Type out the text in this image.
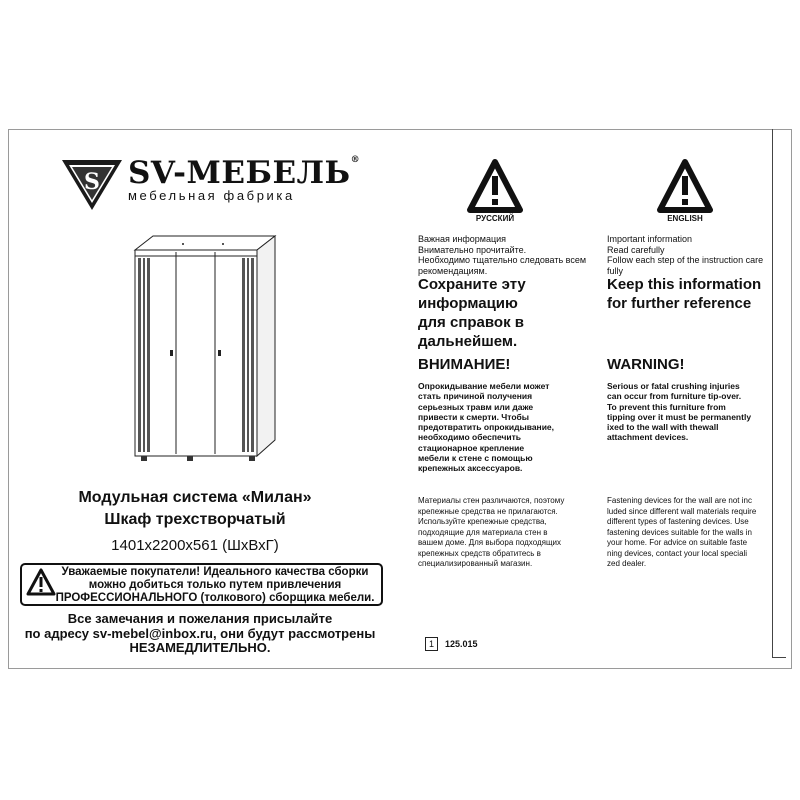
S SV-МЕБЕЛЬ®
мебельная фабрика
Модульная система «Милан»
Шкаф трехстворчатый
1401х2200х561 (ШхВхГ)
Уважаемые покупатели! Идеального качества сборки
можно добиться только путем привлечения
ПРОФЕССИОНАЛЬНОГО (толкового) сборщика мебели.
Все замечания и пожелания присылайте
по адресу sv-mebel@inbox.ru, они будут рассмотрены
НЕЗАМЕДЛИТЕЛЬНО.
РУССКИЙ
Важная информация
Внимательно прочитайте.
Необходимо тщательно следовать всем
рекомендациям.
Сохраните эту
информацию
для справок в
дальнейшем.
ВНИМАНИЕ!
Опрокидывание мебели может
стать причиной получения
серьезных травм или даже
привести к смерти. Чтобы
предотвратить опрокидывание,
необходимо обеспечить
стационарное крепление
мебели к стене с помощью
крепежных аксессуаров.
Материалы стен различаются, поэтому
крепежные средства не прилагаются.
Используйте крепежные средства,
подходящие для материала стен в
вашем доме. Для выбора подходящих
крепежных средств обратитесь в
специализированный магазин.
ENGLISH
Important information
Read carefully
Follow each step of the instruction care
fully
Keep this information
for further reference
WARNING!
Serious or fatal crushing injuries
can occur from furniture tip-over.
To prevent this furniture from
tipping over it must be permanently
ixed to the wall with thewall
attachment devices.
Fastening devices for the wall are not inc
luded since different wall materials require
different types of fastening devices. Use
fastening devices suitable for the walls in
your home. For advice on suitable faste
ning devices, contact your local speciali
zed dealer.
1	125.015
